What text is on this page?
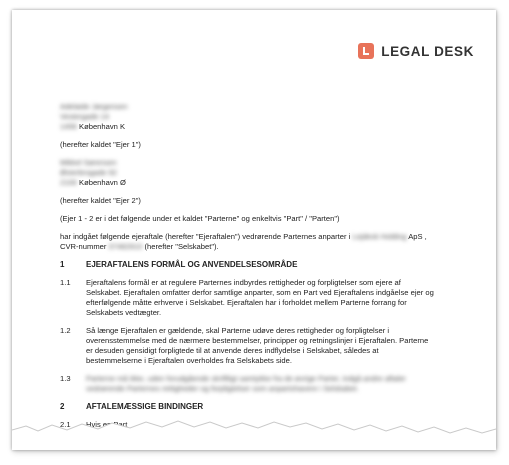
LEGAL DESK
Adelaide Jørgensen
Vestergade 14
1456 København K
(herefter kaldet "Ejer 1")
Mikkel Sørensen
Østerbrogade 92
2100 København Ø
(herefter kaldet "Ejer 2")
(Ejer 1 - 2 er i det følgende under et kaldet "Parterne" og enkeltvis "Part" / "Parten")
har indgået følgende ejeraftale (herefter "Ejeraftalen") vedrørende Parternes anparter i Lejdesk Holding ApS ,
CVR-nummer 37482910 (herefter "Selskabet").
1	EJERAFTALENS FORMÅL OG ANVENDELSESOMRÅDE
1.1 Ejeraftalens formål er at regulere Parternes indbyrdes rettigheder og forpligtelser som ejere af
Selskabet. Ejeraftalen omfatter derfor samtlige anparter, som en Part ved Ejeraftalens indgåelse ejer og
efterfølgende måtte erhverve i Selskabet. Ejeraftalen har i forholdet mellem Parterne forrang for
Selskabets vedtægter.
1.2 Så længe Ejeraftalen er gældende, skal Parterne udøve deres rettigheder og forpligtelser i
overensstemmelse med de nærmere bestemmelser, principper og retningslinjer i Ejeraftalen. Parterne
er desuden gensidigt forpligtede til at anvende deres indflydelse i Selskabet, således at
bestemmelserne i Ejeraftalen overholdes fra Selskabets side.
1.3 Parterne må ikke, uden forudgående skriftligt samtykke fra de øvrige Parter, indgå andre aftaler
vedrørende Parternes rettigheder og forpligtelser som anpartshavere i Selskabet.
2	AFTALEMÆSSIGE BINDINGER
2.1 Hvis en Part
